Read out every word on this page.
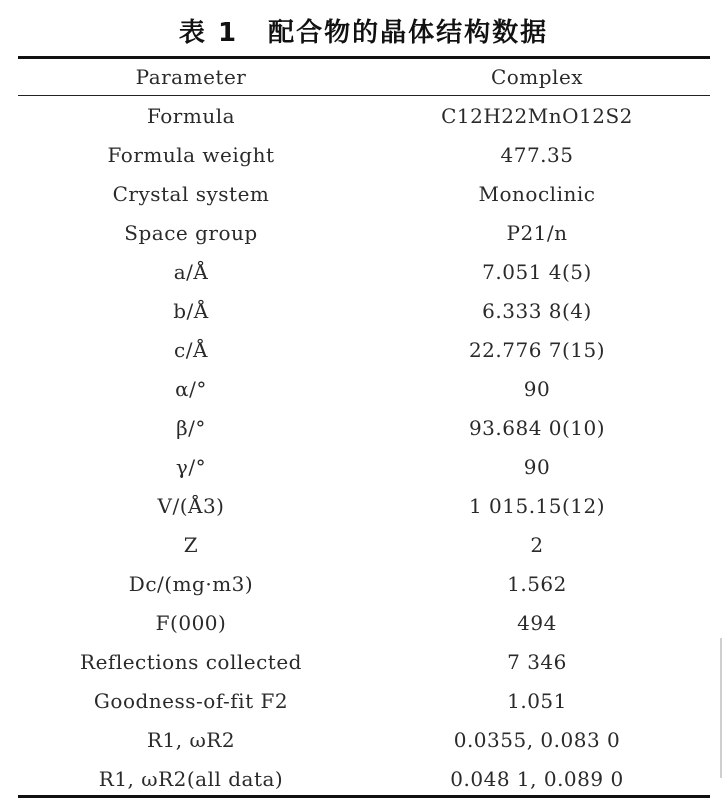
表 1 配合物的晶体结构数据
Parameter	Complex
Formula	C12H22MnO12S2
Formula weight	477.35
Crystal system	Monoclinic
Space group	P21/n
a/Å	7.051 4(5)
b/Å	6.333 8(4)
c/Å	22.776 7(15)
α/°	90
β/°	93.684 0(10)
γ/°	90
V/(Å3)	1 015.15(12)
Z	2
Dc/(mg·m3)	1.562
F(000)	494
Reflections collected	7 346
Goodness-of-fit F2	1.051
R1, ωR2	0.0355, 0.083 0
R1, ωR2(all data)	0.048 1, 0.089 0
